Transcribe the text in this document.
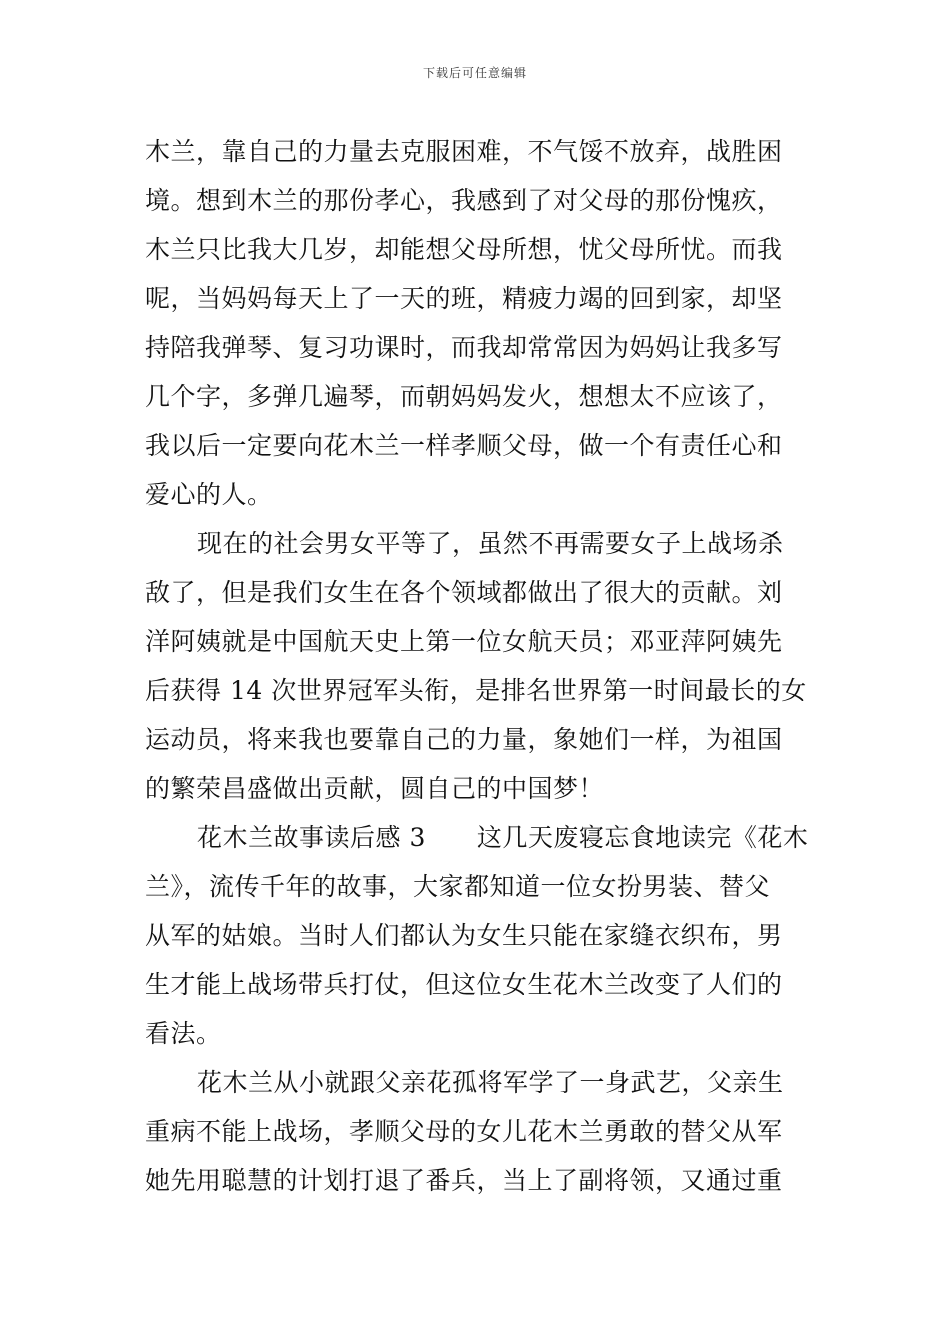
下载后可任意编辑
木兰，靠自己的力量去克服困难，不气馁不放弃，战胜困
境。想到木兰的那份孝心，我感到了对父母的那份愧疚，
木兰只比我大几岁，却能想父母所想，忧父母所忧。而我
呢，当妈妈每天上了一天的班，精疲力竭的回到家，却坚
持陪我弹琴、复习功课时，而我却常常因为妈妈让我多写
几个字，多弹几遍琴，而朝妈妈发火，想想太不应该了，
我以后一定要向花木兰一样孝顺父母，做一个有责任心和
爱心的人。
现在的社会男女平等了，虽然不再需要女子上战场杀
敌了，但是我们女生在各个领域都做出了很大的贡献。刘
洋阿姨就是中国航天史上第一位女航天员；邓亚萍阿姨先
后获得 14 次世界冠军头衔，是排名世界第一时间最长的女
运动员，将来我也要靠自己的力量，象她们一样，为祖国
的繁荣昌盛做出贡献，圆自己的中国梦！
花木兰故事读后感 3　　这几天废寝忘食地读完《花木
兰》，流传千年的故事，大家都知道一位女扮男装、替父
从军的姑娘。当时人们都认为女生只能在家缝衣织布，男
生才能上战场带兵打仗，但这位女生花木兰改变了人们的
看法。
花木兰从小就跟父亲花孤将军学了一身武艺，父亲生
重病不能上战场，孝顺父母的女儿花木兰勇敢的替父从军
她先用聪慧的计划打退了番兵，当上了副将领，又通过重
